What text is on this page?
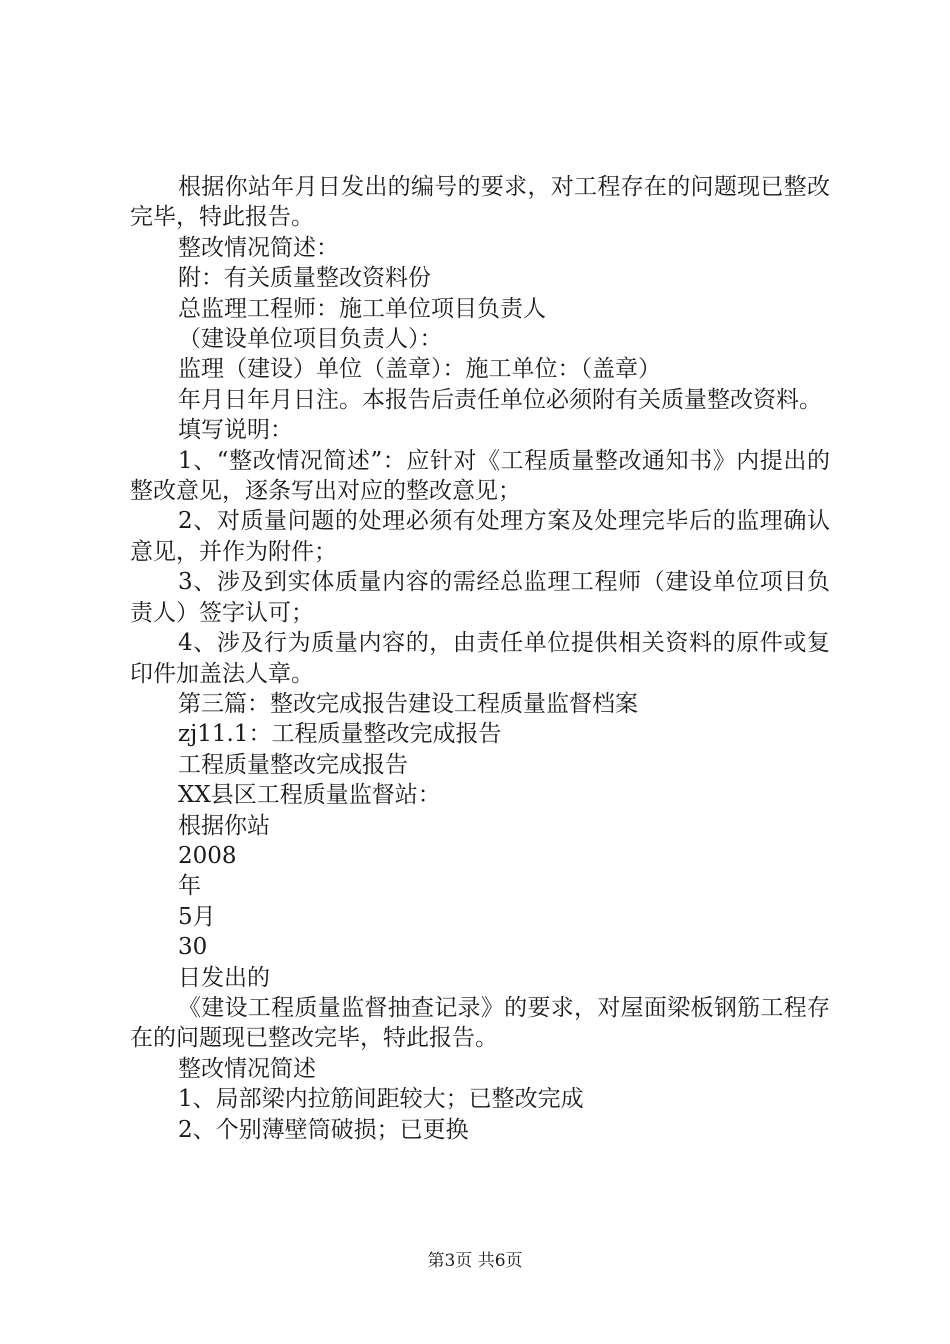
根据你站年月日发出的编号的要求，对工程存在的问题现已整改完毕，特此报告。

整改情况简述：

附：有关质量整改资料份

总监理工程师：施工单位项目负责人

（建设单位项目负责人）：

监理（建设）单位（盖章）：施工单位：（盖章）

年月日年月日注。本报告后责任单位必须附有关质量整改资料。

填写说明：

1、“整改情况简述”：应针对《工程质量整改通知书》内提出的整改意见，逐条写出对应的整改意见；

2、对质量问题的处理必须有处理方案及处理完毕后的监理确认意见，并作为附件；

3、涉及到实体质量内容的需经总监理工程师（建设单位项目负责人）签字认可；

4、涉及行为质量内容的，由责任单位提供相关资料的原件或复印件加盖法人章。

第三篇：整改完成报告建设工程质量监督档案

zj11.1：工程质量整改完成报告

工程质量整改完成报告

XX县区工程质量监督站：

根据你站

2008

年

5月

30

日发出的

《建设工程质量监督抽查记录》的要求，对屋面梁板钢筋工程存在的问题现已整改完毕，特此报告。

整改情况简述

1、局部梁内拉筋间距较大；已整改完成

2、个别薄壁筒破损；已更换

第3页 共6页
